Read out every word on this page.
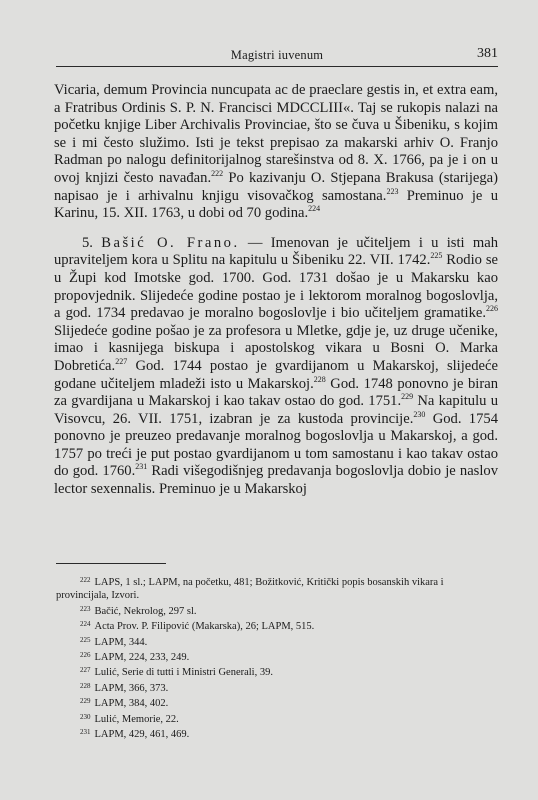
Magistri iuvenum	381

Vicaria, demum Provincia nuncupata ac de praeclare gestis in, et extra eam, a Fratribus Ordinis S. P. N. Francisci MDCCLIII«. Taj se rukopis nalazi na početku knjige Liber Archivalis Provinciae, što se čuva u Šibeniku, s kojim se i mi često služimo. Isti je tekst prepisao za makarski arhiv O. Franjo Radman po nalogu definitorijalnog starešinstva od 8. X. 1766, pa je i on u ovoj knjizi često navađan.$^{222}$ Po kazivanju O. Stjepana Brakusa (starijega) napisao je i arhivalnu knjigu visovačkog samostana.$^{223}$ Preminuo je u Karinu, 15. XII. 1763, u dobi od 70 godina.$^{224}$

5. Bašić O. Frano. — Imenovan je učiteljem i u isti mah upraviteljem kora u Splitu na kapitulu u Šibeniku 22. VII. 1742.$^{225}$ Rodio se u Župi kod Imotske god. 1700. God. 1731 došao je u Makarsku kao propovjednik. Slijedeće godine postao je i lektorom moralnog bogoslovlja, a god. 1734 predavao je moralno bogoslovlje i bio učiteljem gramatike.$^{226}$ Slijedeće godine pošao je za profesora u Mletke, gdje je, uz druge učenike, imao i kasnijega biskupa i apostolskog vikara u Bosni O. Marka Dobretića.$^{227}$ God. 1744 postao je gvardijanom u Makarskoj, slijedeće godane učiteljem mladeži isto u Makarskoj.$^{228}$ God. 1748 ponovno je biran za gvardijana u Makarskoj i kao takav ostao do god. 1751.$^{229}$ Na kapitulu u Visovcu, 26. VII. 1751, izabran je za kustoda provincije.$^{230}$ God. 1754 ponovno je preuzeo predavanje moralnog bogoslovlja u Makarskoj, a god. 1757 po treći je put postao gvardijanom u tom samostanu i kao takav ostao do god. 1760.$^{231}$ Radi višegodišnjeg predavanja bogoslovlja dobio je naslov lector sexennalis. Preminuo je u Makarskoj

$^{222}$ LAPS, 1 sl.; LAPM, na početku, 481; Božitković, Kritički popis bosanskih vikara i provincijala, Izvori.
$^{223}$ Bačić, Nekrolog, 297 sl.
$^{224}$ Acta Prov. P. Filipović (Makarska), 26; LAPM, 515.
$^{225}$ LAPM, 344.
$^{226}$ LAPM, 224, 233, 249.
$^{227}$ Lulić, Serie di tutti i Ministri Generali, 39.
$^{228}$ LAPM, 366, 373.
$^{229}$ LAPM, 384, 402.
$^{230}$ Lulić, Memorie, 22.
$^{231}$ LAPM, 429, 461, 469.
